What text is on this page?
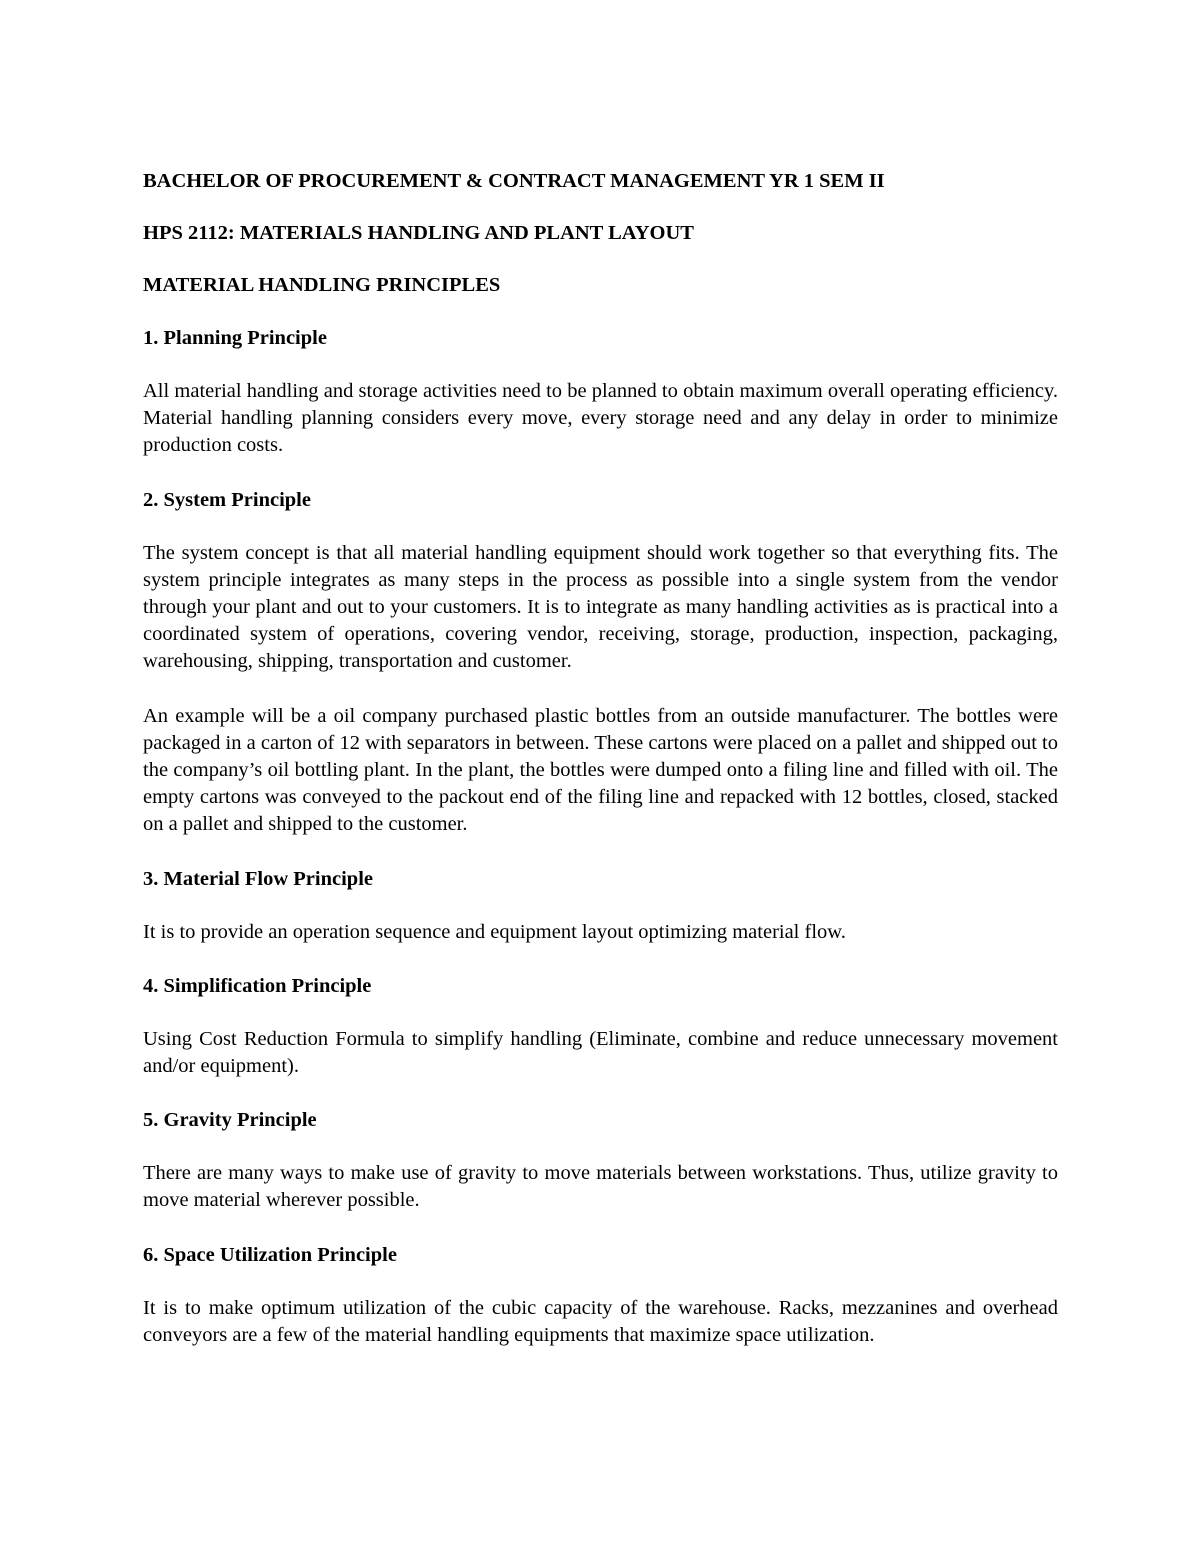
BACHELOR OF PROCUREMENT & CONTRACT MANAGEMENT YR 1 SEM II

HPS 2112: MATERIALS HANDLING AND PLANT LAYOUT

MATERIAL HANDLING PRINCIPLES

1. Planning Principle

All material handling and storage activities need to be planned to obtain maximum overall operating efficiency. Material handling planning considers every move, every storage need and any delay in order to minimize production costs.

2. System Principle

The system concept is that all material handling equipment should work together so that everything fits. The system principle integrates as many steps in the process as possible into a single system from the vendor through your plant and out to your customers. It is to integrate as many handling activities as is practical into a coordinated system of operations, covering vendor, receiving, storage, production, inspection, packaging, warehousing, shipping, transportation and customer.

An example will be a oil company purchased plastic bottles from an outside manufacturer. The bottles were packaged in a carton of 12 with separators in between. These cartons were placed on a pallet and shipped out to the company’s oil bottling plant. In the plant, the bottles were dumped onto a filing line and filled with oil. The empty cartons was conveyed to the packout end of the filing line and repacked with 12 bottles, closed, stacked on a pallet and shipped to the customer.

3. Material Flow Principle

It is to provide an operation sequence and equipment layout optimizing material flow.

4. Simplification Principle

Using Cost Reduction Formula to simplify handling (Eliminate, combine and reduce unnecessary movement and/or equipment).

5. Gravity Principle

There are many ways to make use of gravity to move materials between workstations. Thus, utilize gravity to move material wherever possible.

6. Space Utilization Principle

It is to make optimum utilization of the cubic capacity of the warehouse. Racks, mezzanines and overhead conveyors are a few of the material handling equipments that maximize space utilization.
